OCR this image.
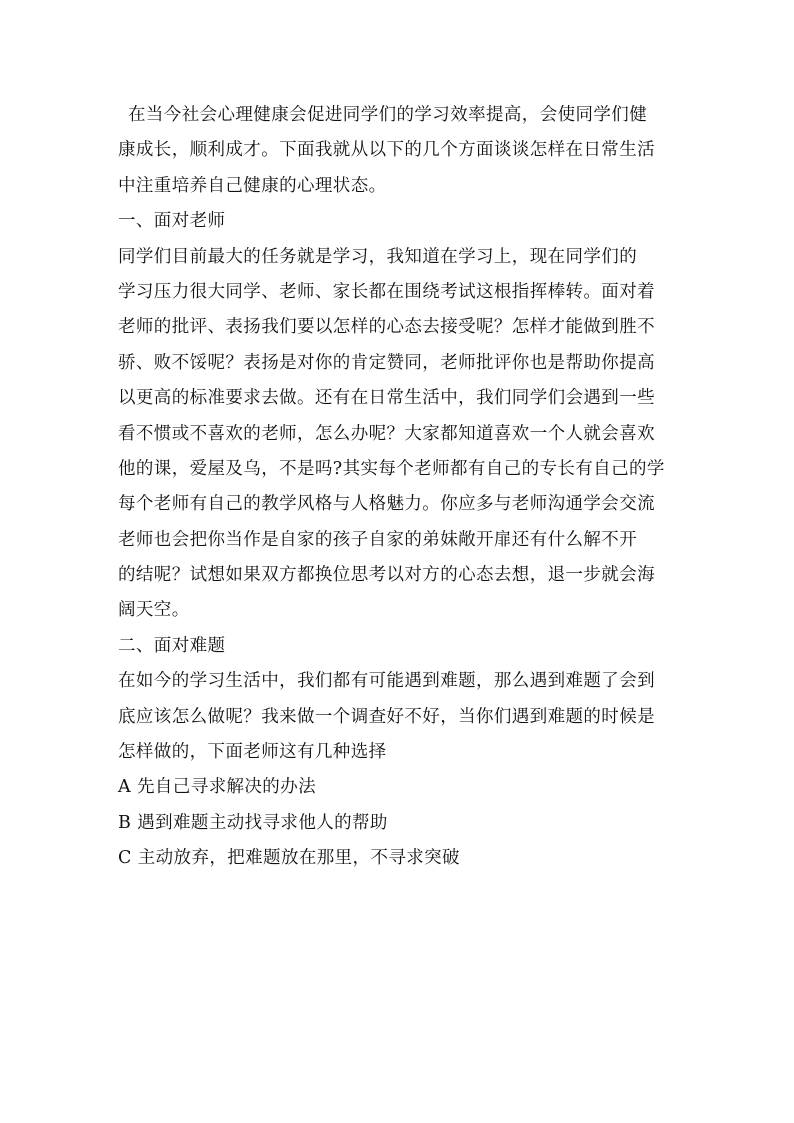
在当今社会心理健康会促进同学们的学习效率提高，会使同学们健
康成长，顺利成才。下面我就从以下的几个方面谈谈怎样在日常生活
中注重培养自己健康的心理状态。
一、面对老师
同学们目前最大的任务就是学习，我知道在学习上，现在同学们的
学习压力很大同学、老师、家长都在围绕考试这根指挥棒转。面对着
老师的批评、表扬我们要以怎样的心态去接受呢？怎样才能做到胜不
骄、败不馁呢？表扬是对你的肯定赞同，老师批评你也是帮助你提高
以更高的标准要求去做。还有在日常生活中，我们同学们会遇到一些
看不惯或不喜欢的老师，怎么办呢？大家都知道喜欢一个人就会喜欢
他的课，爱屋及乌，不是吗?其实每个老师都有自己的专长有自己的学
每个老师有自己的教学风格与人格魅力。你应多与老师沟通学会交流
老师也会把你当作是自家的孩子自家的弟妹敞开扉还有什么解不开
的结呢？试想如果双方都换位思考以对方的心态去想，退一步就会海
阔天空。
二、面对难题
在如今的学习生活中，我们都有可能遇到难题，那么遇到难题了会到
底应该怎么做呢？我来做一个调查好不好，当你们遇到难题的时候是
怎样做的，下面老师这有几种选择
A 先自己寻求解决的办法
B 遇到难题主动找寻求他人的帮助
C 主动放弃，把难题放在那里，不寻求突破
